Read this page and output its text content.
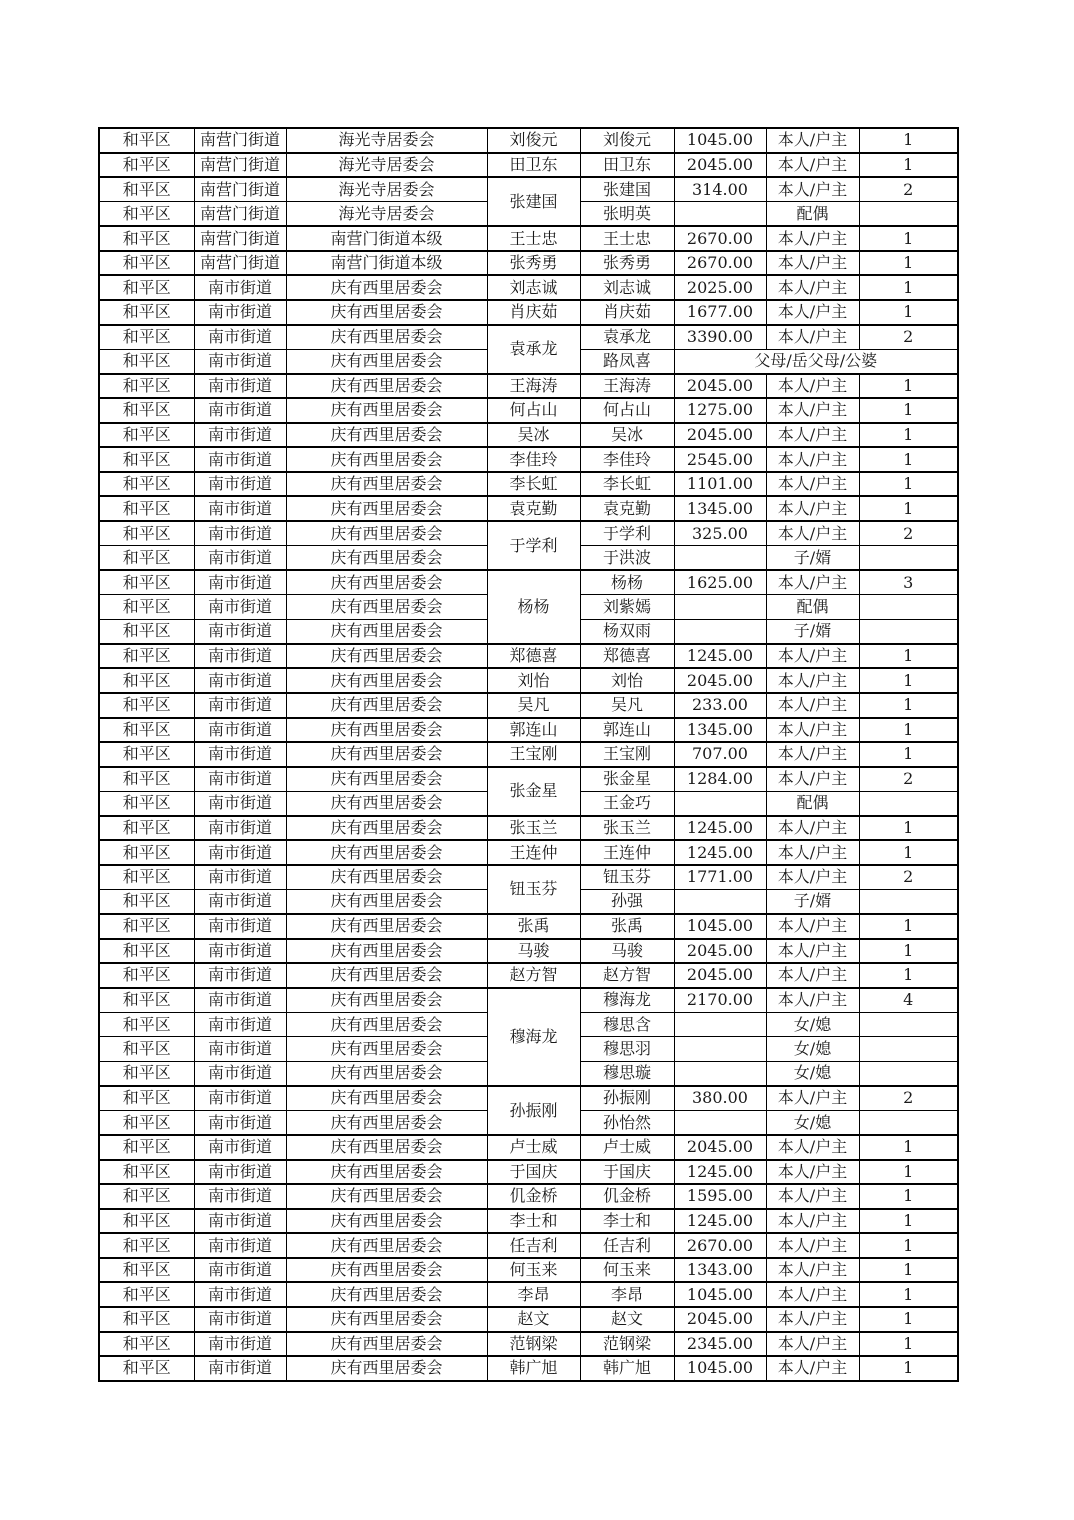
和平区	南营门街道	海光寺居委会	刘俊元	刘俊元	1045.00	本人/户主	1
和平区	南营门街道	海光寺居委会	田卫东	田卫东	2045.00	本人/户主	1
和平区	南营门街道	海光寺居委会	张建国	张建国	314.00	本人/户主	2
和平区	南营门街道	海光寺居委会		张明英		配偶	
和平区	南营门街道	南营门街道本级	王士忠	王士忠	2670.00	本人/户主	1
和平区	南营门街道	南营门街道本级	张秀勇	张秀勇	2670.00	本人/户主	1
和平区	南市街道	庆有西里居委会	刘志诚	刘志诚	2025.00	本人/户主	1
和平区	南市街道	庆有西里居委会	肖庆茹	肖庆茹	1677.00	本人/户主	1
和平区	南市街道	庆有西里居委会	袁承龙	袁承龙	3390.00	本人/户主	2
和平区	南市街道	庆有西里居委会		路凤喜	父母/岳父母/公婆		
和平区	南市街道	庆有西里居委会	王海涛	王海涛	2045.00	本人/户主	1
和平区	南市街道	庆有西里居委会	何占山	何占山	1275.00	本人/户主	1
和平区	南市街道	庆有西里居委会	吴冰	吴冰	2045.00	本人/户主	1
和平区	南市街道	庆有西里居委会	李佳玲	李佳玲	2545.00	本人/户主	1
和平区	南市街道	庆有西里居委会	李长虹	李长虹	1101.00	本人/户主	1
和平区	南市街道	庆有西里居委会	袁克勤	袁克勤	1345.00	本人/户主	1
和平区	南市街道	庆有西里居委会	于学利	于学利	325.00	本人/户主	2
和平区	南市街道	庆有西里居委会		于洪波		子/婿	
和平区	南市街道	庆有西里居委会	杨杨	杨杨	1625.00	本人/户主	3
和平区	南市街道	庆有西里居委会		刘紫嫣		配偶	
和平区	南市街道	庆有西里居委会		杨双雨		子/婿	
和平区	南市街道	庆有西里居委会	郑德喜	郑德喜	1245.00	本人/户主	1
和平区	南市街道	庆有西里居委会	刘怡	刘怡	2045.00	本人/户主	1
和平区	南市街道	庆有西里居委会	吴凡	吴凡	233.00	本人/户主	1
和平区	南市街道	庆有西里居委会	郭连山	郭连山	1345.00	本人/户主	1
和平区	南市街道	庆有西里居委会	王宝刚	王宝刚	707.00	本人/户主	1
和平区	南市街道	庆有西里居委会	张金星	张金星	1284.00	本人/户主	2
和平区	南市街道	庆有西里居委会		王金巧		配偶	
和平区	南市街道	庆有西里居委会	张玉兰	张玉兰	1245.00	本人/户主	1
和平区	南市街道	庆有西里居委会	王连仲	王连仲	1245.00	本人/户主	1
和平区	南市街道	庆有西里居委会	钮玉芬	钮玉芬	1771.00	本人/户主	2
和平区	南市街道	庆有西里居委会		孙强		子/婿	
和平区	南市街道	庆有西里居委会	张禹	张禹	1045.00	本人/户主	1
和平区	南市街道	庆有西里居委会	马骏	马骏	2045.00	本人/户主	1
和平区	南市街道	庆有西里居委会	赵方智	赵方智	2045.00	本人/户主	1
和平区	南市街道	庆有西里居委会	穆海龙	穆海龙	2170.00	本人/户主	4
和平区	南市街道	庆有西里居委会		穆思含		女/媳	
和平区	南市街道	庆有西里居委会		穆思羽		女/媳	
和平区	南市街道	庆有西里居委会		穆思璇		女/媳	
和平区	南市街道	庆有西里居委会	孙振刚	孙振刚	380.00	本人/户主	2
和平区	南市街道	庆有西里居委会		孙怡然		女/媳	
和平区	南市街道	庆有西里居委会	卢士威	卢士威	2045.00	本人/户主	1
和平区	南市街道	庆有西里居委会	于国庆	于国庆	1245.00	本人/户主	1
和平区	南市街道	庆有西里居委会	仉金桥	仉金桥	1595.00	本人/户主	1
和平区	南市街道	庆有西里居委会	李士和	李士和	1245.00	本人/户主	1
和平区	南市街道	庆有西里居委会	任吉利	任吉利	2670.00	本人/户主	1
和平区	南市街道	庆有西里居委会	何玉来	何玉来	1343.00	本人/户主	1
和平区	南市街道	庆有西里居委会	李昂	李昂	1045.00	本人/户主	1
和平区	南市街道	庆有西里居委会	赵文	赵文	2045.00	本人/户主	1
和平区	南市街道	庆有西里居委会	范钢梁	范钢梁	2345.00	本人/户主	1
和平区	南市街道	庆有西里居委会	韩广旭	韩广旭	1045.00	本人/户主	1
